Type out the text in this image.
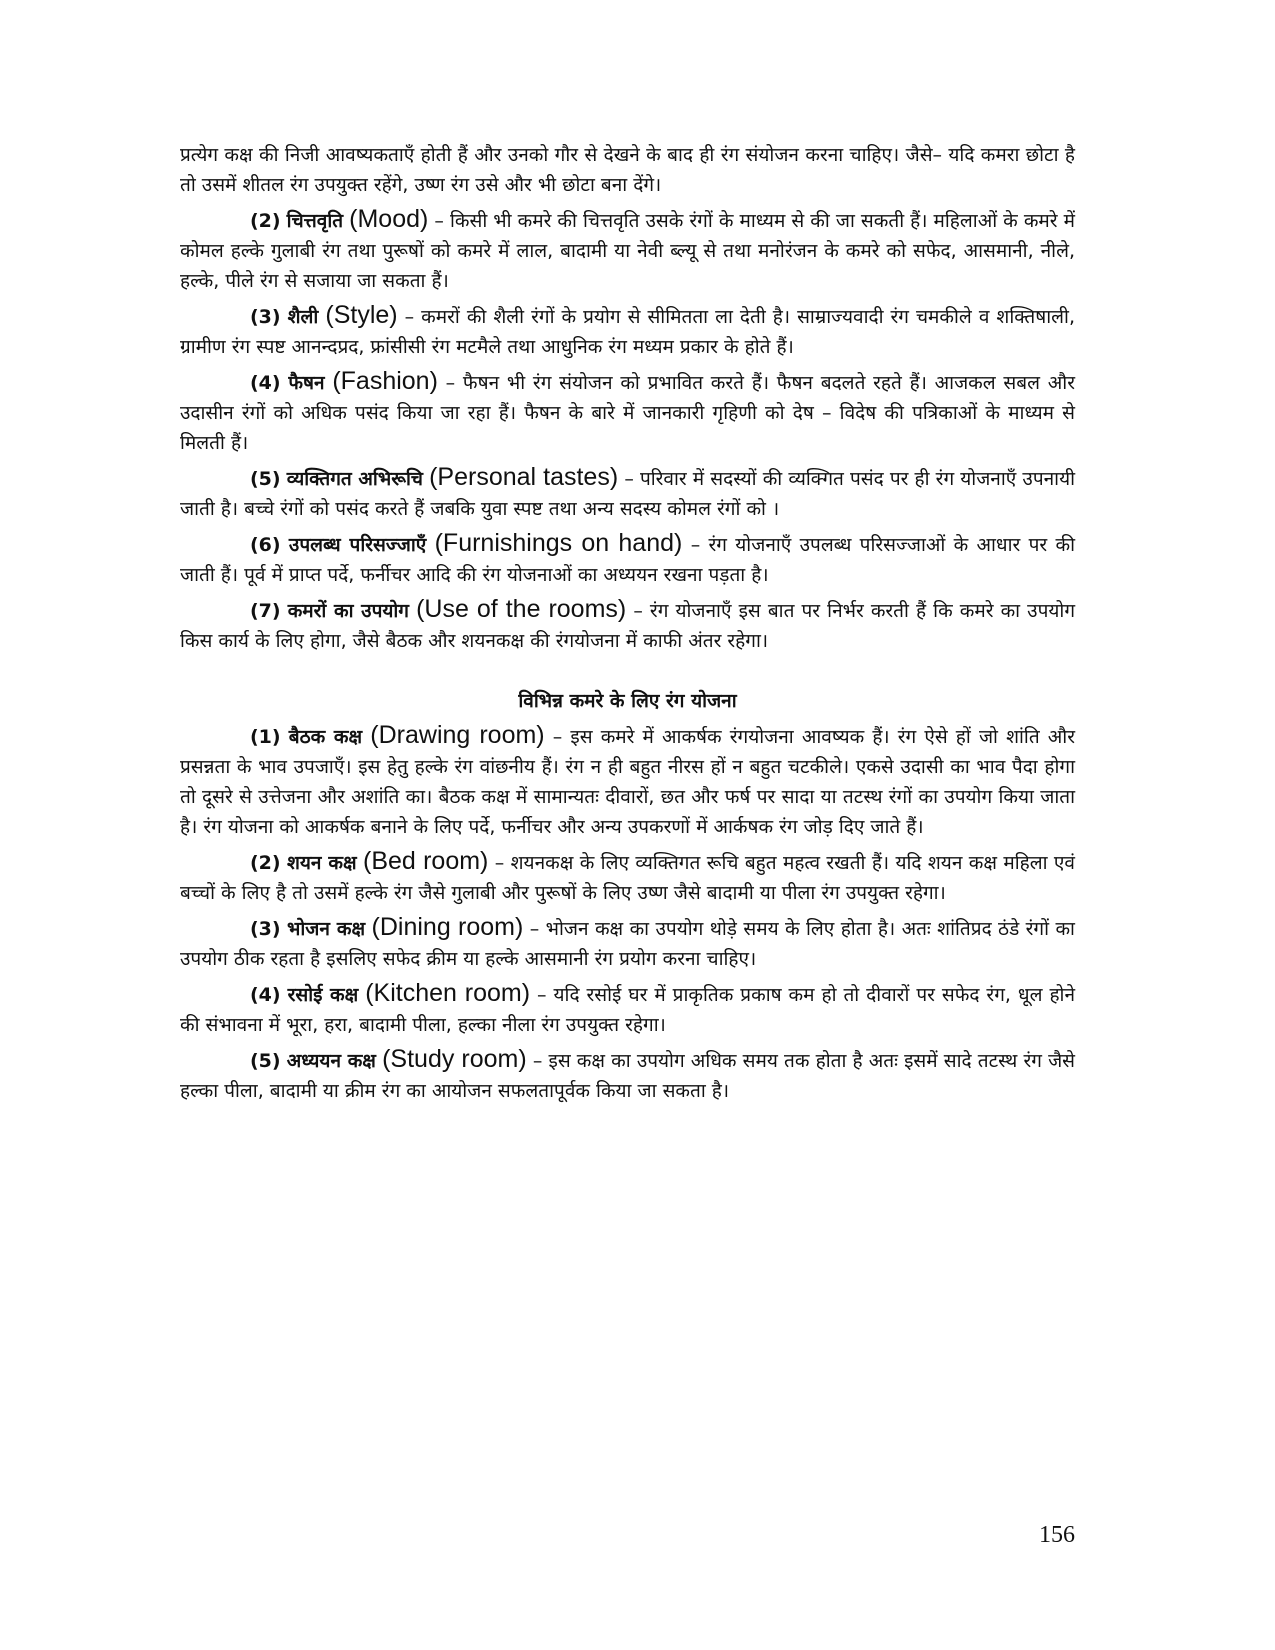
प्रत्येग कक्ष की निजी आवष्यकताएँ होती हैं और उनको गौर से देखने के बाद ही रंग संयोजन करना चाहिए। जैसे– यदि कमरा छोटा है तो उसमें शीतल रंग उपयुक्त रहेंगे, उष्ण रंग उसे और भी छोटा बना देंगे।

(2) चित्तवृति (Mood) – किसी भी कमरे की चित्तवृति उसके रंगों के माध्यम से की जा सकती हैं। महिलाओं के कमरे में कोमल हल्के गुलाबी रंग तथा पुरूषों को कमरे में लाल, बादामी या नेवी ब्ल्यू से तथा मनोरंजन के कमरे को सफेद, आसमानी, नीले, हल्के, पीले रंग से सजाया जा सकता हैं।

(3) शैली (Style) – कमरों की शैली रंगों के प्रयोग से सीमितता ला देती है। साम्राज्यवादी रंग चमकीले व शक्तिषाली, ग्रामीण रंग स्पष्ट आनन्दप्रद, फ्रांसीसी रंग मटमैले तथा आधुनिक रंग मध्यम प्रकार के होते हैं।

(4) फैषन (Fashion) – फैषन भी रंग संयोजन को प्रभावित करते हैं। फैषन बदलते रहते हैं। आजकल सबल और उदासीन रंगों को अधिक पसंद किया जा रहा हैं। फैषन के बारे में जानकारी गृहिणी को देष – विदेष की पत्रिकाओं के माध्यम से मिलती हैं।

(5) व्यक्तिगत अभिरूचि (Personal tastes) – परिवार में सदस्यों की व्यक्गित पसंद पर ही रंग योजनाएँ उपनायी जाती है। बच्चे रंगों को पसंद करते हैं जबकि युवा स्पष्ट तथा अन्य सदस्य कोमल रंगों को ।

(6) उपलब्ध परिसज्जाएँ (Furnishings on hand) – रंग योजनाएँ उपलब्ध परिसज्जाओं के आधार पर की जाती हैं। पूर्व में प्राप्त पर्दे, फर्नीचर आदि की रंग योजनाओं का अध्ययन रखना पड़ता है।

(7) कमरों का उपयोग (Use of the rooms) – रंग योजनाएँ इस बात पर निर्भर करती हैं कि कमरे का उपयोग किस कार्य के लिए होगा, जैसे बैठक और शयनकक्ष की रंगयोजना में काफी अंतर रहेगा।

विभिन्न कमरे के लिए रंग योजना

(1) बैठक कक्ष (Drawing room) – इस कमरे में आकर्षक रंगयोजना आवष्यक हैं। रंग ऐसे हों जो शांति और प्रसन्नता के भाव उपजाएँ। इस हेतु हल्के रंग वांछनीय हैं। रंग न ही बहुत नीरस हों न बहुत चटकीले। एकसे उदासी का भाव पैदा होगा तो दूसरे से उत्तेजना और अशांति का। बैठक कक्ष में सामान्यतः दीवारों, छत और फर्ष पर सादा या तटस्थ रंगों का उपयोग किया जाता है। रंग योजना को आकर्षक बनाने के लिए पर्दे, फर्नीचर और अन्य उपकरणों में आर्कषक रंग जोड़ दिए जाते हैं।

(2) शयन कक्ष (Bed room) – शयनकक्ष के लिए व्यक्तिगत रूचि बहुत महत्व रखती हैं। यदि शयन कक्ष महिला एवं बच्चों के लिए है तो उसमें हल्के रंग जैसे गुलाबी और पुरूषों के लिए उष्ण जैसे बादामी या पीला रंग उपयुक्त रहेगा।

(3) भोजन कक्ष (Dining room) – भोजन कक्ष का उपयोग थोड़े समय के लिए होता है। अतः शांतिप्रद ठंडे रंगों का उपयोग ठीक रहता है इसलिए सफेद क्रीम या हल्के आसमानी रंग प्रयोग करना चाहिए।

(4) रसोई कक्ष (Kitchen room) – यदि रसोई घर में प्राकृतिक प्रकाष कम हो तो दीवारों पर सफेद रंग, धूल होने की संभावना में भूरा, हरा, बादामी पीला, हल्का नीला रंग उपयुक्त रहेगा।

(5) अध्ययन कक्ष (Study room) – इस कक्ष का उपयोग अधिक समय तक होता है अतः इसमें सादे तटस्थ रंग जैसे हल्का पीला, बादामी या क्रीम रंग का आयोजन सफलतापूर्वक किया जा सकता है।

156
